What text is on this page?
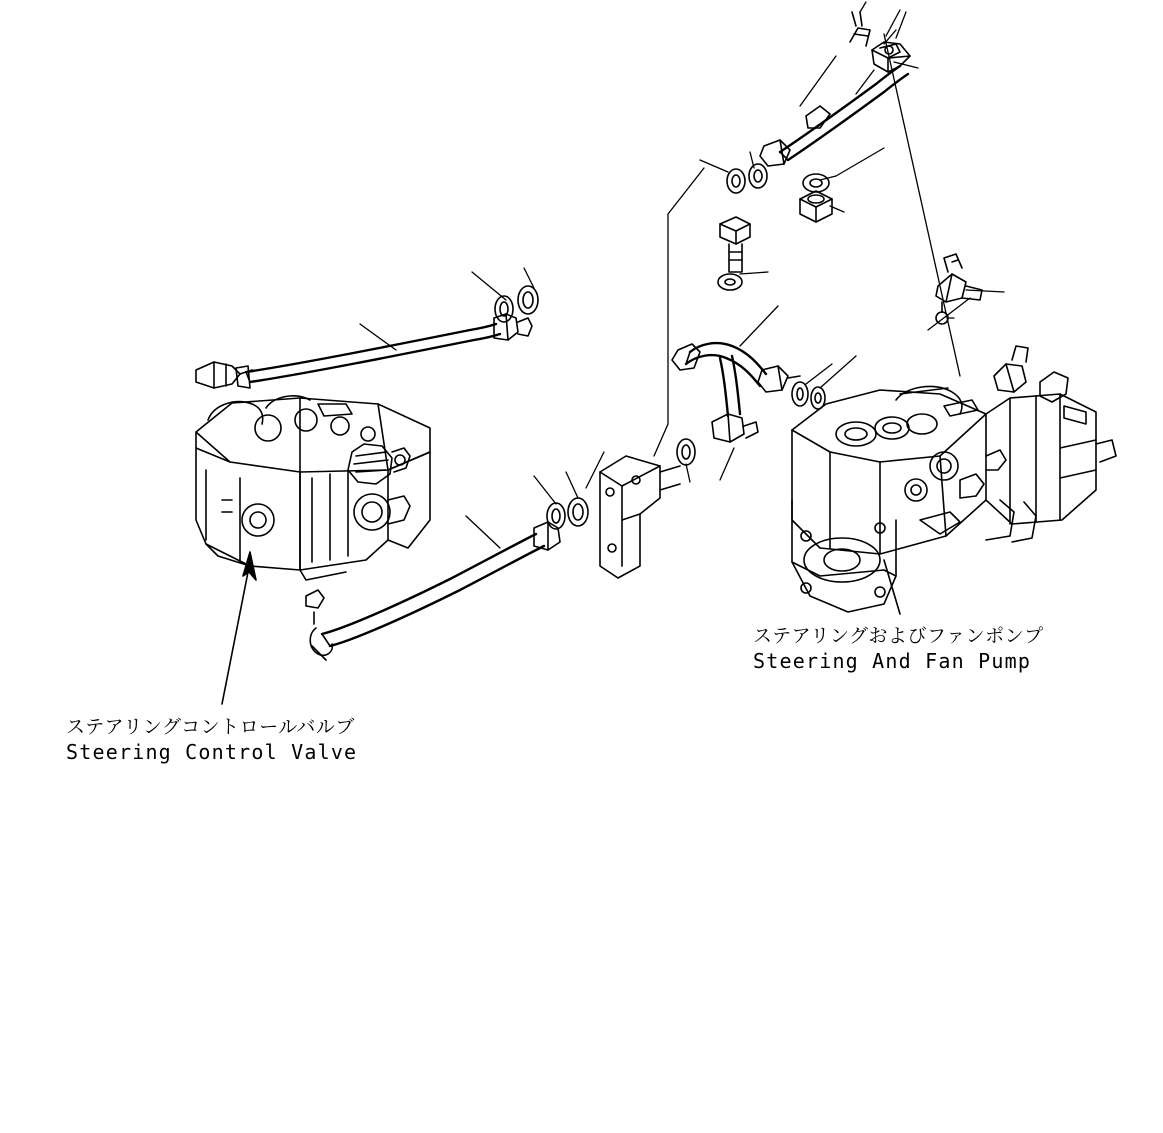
ステアリングコントロールバルブ
Steering Control Valve
ステアリングおよびファンポンプ
Steering And Fan Pump
